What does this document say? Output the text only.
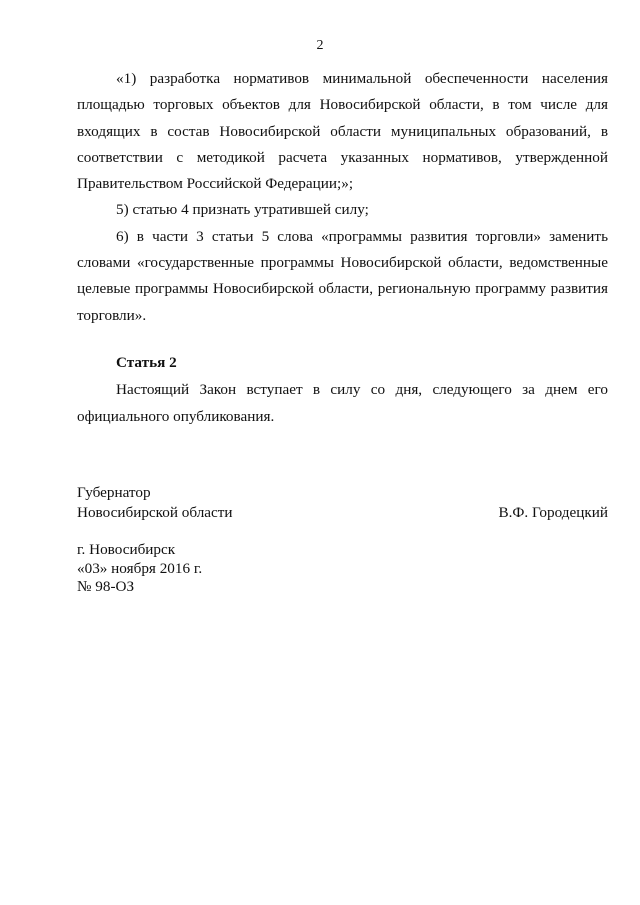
2

«1) разработка нормативов минимальной обеспеченности населения площадью торговых объектов для Новосибирской области, в том числе для входящих в состав Новосибирской области муниципальных образований, в соответствии с методикой расчета указанных нормативов, утвержденной Правительством Российской Федерации;»;

5) статью 4 признать утратившей силу;

6) в части 3 статьи 5 слова «программы развития торговли» заменить словами «государственные программы Новосибирской области, ведомственные целевые программы Новосибирской области, региональную программу развития торговли».

Статья 2

Настоящий Закон вступает в силу со дня, следующего за днем его официального опубликования.

Губернатор
Новосибирской области	В.Ф. Городецкий
г. Новосибирск
«03» ноября 2016 г.
№ 98-ОЗ
